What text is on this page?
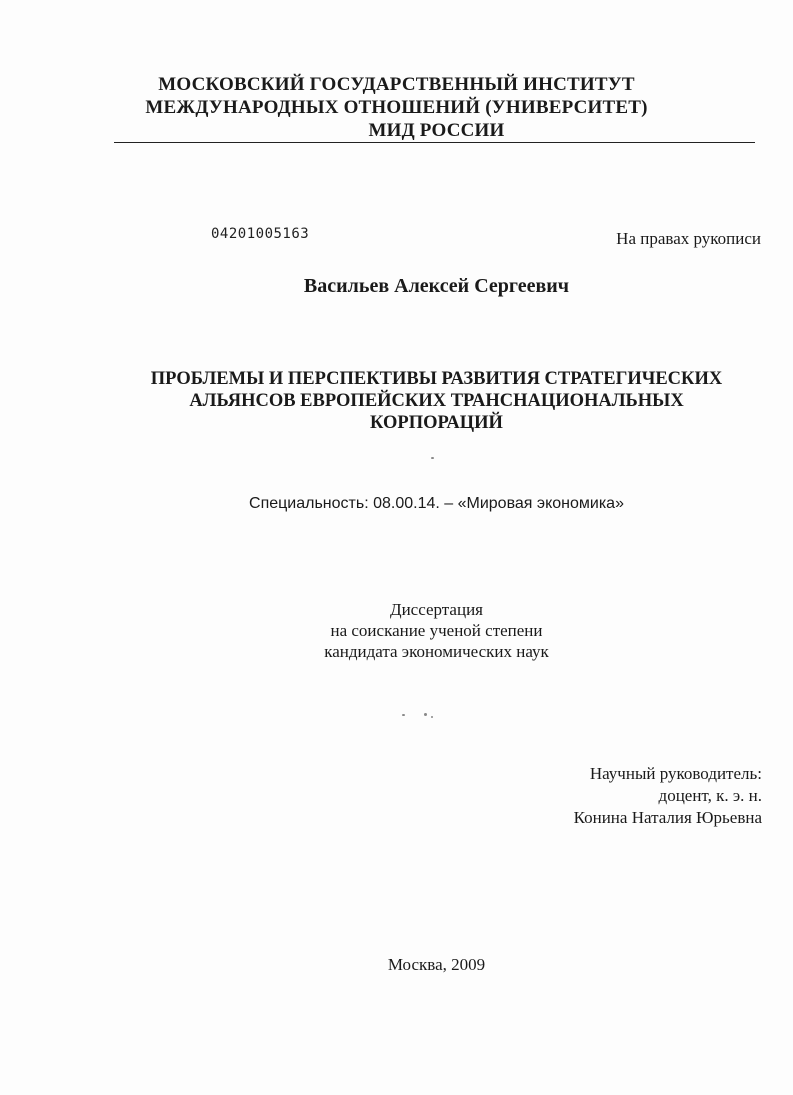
МОСКОВСКИЙ ГОСУДАРСТВЕННЫЙ ИНСТИТУТ
МЕЖДУНАРОДНЫХ ОТНОШЕНИЙ (УНИВЕРСИТЕТ)
МИД РОССИИ
04201005163	На правах рукописи
Васильев Алексей Сергеевич
ПРОБЛЕМЫ И ПЕРСПЕКТИВЫ РАЗВИТИЯ СТРАТЕГИЧЕСКИХ
АЛЬЯНСОВ ЕВРОПЕЙСКИХ ТРАНСНАЦИОНАЛЬНЫХ
КОРПОРАЦИЙ
Специальность: 08.00.14. – «Мировая экономика»
Диссертация
на соискание ученой степени
кандидата экономических наук
Научный руководитель:
доцент, к. э. н.
Конина Наталия Юрьевна
Москва, 2009
